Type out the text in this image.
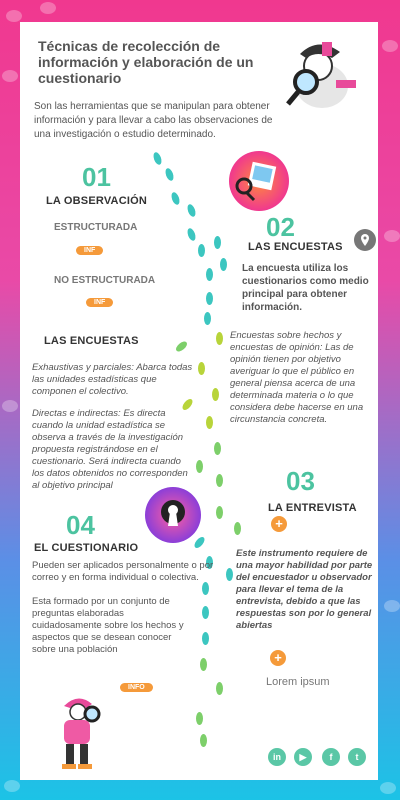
Técnicas de recolección de información y elaboración de un cuestionario
Son las herramientas que se manipulan para obtener información y para llevar a cabo las observaciones de una investigación o estudio determinado.
01
LA OBSERVACIÓN
ESTRUCTURADA
INF
NO ESTRUCTURADA
INF
02
LAS ENCUESTAS
La encuesta utiliza los cuestionarios como medio principal para obtener información.
LAS ENCUESTAS
Exhaustivas y parciales: Abarca todas las unidades estadísticas que componen el colectivo.
Directas e indirectas: Es directa cuando la unidad estadística se observa a través de la investigación propuesta registrándose en el cuestionario. Será indirecta cuando los datos obtenidos no corresponden al objetivo principal
Encuestas sobre hechos y encuestas de opinión: Las de opinión tienen por objetivo averiguar lo que el público en general piensa acerca de una determinada materia o lo que considera debe hacerse en una circunstancia concreta.
03
LA ENTREVISTA
+
Este instrumento requiere de una mayor habilidad por parte del encuestador u observador para llevar el tema de la entrevista, debido a que las respuestas son por lo general abiertas
+
Lorem ipsum
04
EL CUESTIONARIO
Pueden ser aplicados personalmente o por correo y en forma individual o colectiva.
Esta formado por un conjunto de preguntas elaboradas cuidadosamente sobre los hechos y aspectos que se desean conocer sobre una población
INFO
in	▶	f	t
